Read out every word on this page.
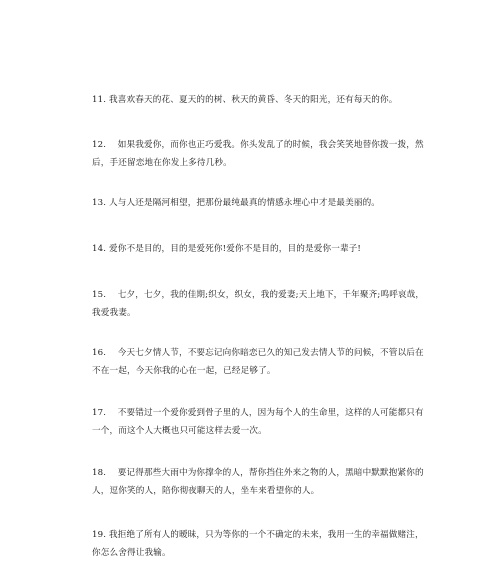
11. 我喜欢春天的花、夏天的的树、秋天的黄昏、冬天的阳光，还有每天的你。
12.　 如果我爱你，而你也正巧爱我。你头发乱了的时候，我会笑笑地替你拨一拨，然后，手还留恋地在你发上多待几秒。
13. 人与人还是隔河相望，把那份最纯最真的情感永埋心中才是最美丽的。
14. 爱你不是目的，目的是爱死你!爱你不是目的，目的是爱你一辈子!
15.　 七夕，七夕，我的佳期;织女，织女，我的爱妻;天上地下，千年聚齐;鸣呼哀哉，我爱我妻。
16.　 今天七夕情人节，不要忘记向你暗恋已久的知己发去情人节的问候，不管以后在不在一起，今天你我的心在一起，已经足够了。
17.　 不要错过一个爱你爱到骨子里的人，因为每个人的生命里，这样的人可能都只有一个，而这个人大概也只可能这样去爱一次。
18.　 要记得那些大雨中为你撑伞的人，帮你挡住外来之物的人，黑暗中默默抱紧你的人，逗你笑的人，陪你彻夜聊天的人，坐车来看望你的人。
19. 我拒绝了所有人的暧昧，只为等你的一个不确定的未来，我用一生的幸福做赌注，你怎么舍得让我输。
